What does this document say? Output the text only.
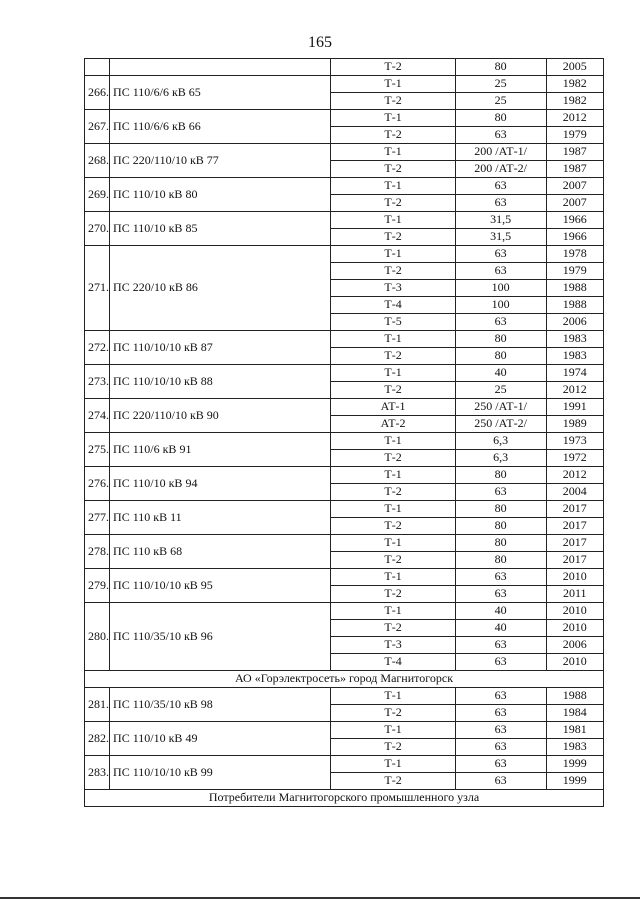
165
		Т-2	80	2005
266.	ПС 110/6/6 кВ 65	Т-1	25	1982
		Т-2	25	1982
267.	ПС 110/6/6 кВ 66	Т-1	80	2012
		Т-2	63	1979
268.	ПС 220/110/10 кВ 77	Т-1	200 /АТ-1/	1987
		Т-2	200 /АТ-2/	1987
269.	ПС 110/10 кВ 80	Т-1	63	2007
		Т-2	63	2007
270.	ПС 110/10 кВ 85	Т-1	31,5	1966
		Т-2	31,5	1966
271.	ПС 220/10 кВ 86	Т-1	63	1978
		Т-2	63	1979
		Т-3	100	1988
		Т-4	100	1988
		Т-5	63	2006
272.	ПС 110/10/10 кВ 87	Т-1	80	1983
		Т-2	80	1983
273.	ПС 110/10/10 кВ 88	Т-1	40	1974
		Т-2	25	2012
274.	ПС 220/110/10 кВ 90	АТ-1	250 /АТ-1/	1991
		АТ-2	250 /АТ-2/	1989
275.	ПС 110/6 кВ 91	Т-1	6,3	1973
		Т-2	6,3	1972
276.	ПС 110/10 кВ 94	Т-1	80	2012
		Т-2	63	2004
277.	ПС 110 кВ 11	Т-1	80	2017
		Т-2	80	2017
278.	ПС 110 кВ 68	Т-1	80	2017
		Т-2	80	2017
279.	ПС 110/10/10 кВ 95	Т-1	63	2010
		Т-2	63	2011
280.	ПС 110/35/10 кВ 96	Т-1	40	2010
		Т-2	40	2010
		Т-3	63	2006
		Т-4	63	2010
АО «Горэлектросеть» город Магнитогорск				
281.	ПС 110/35/10 кВ 98	Т-1	63	1988
		Т-2	63	1984
282.	ПС 110/10 кВ 49	Т-1	63	1981
		Т-2	63	1983
283.	ПС 110/10/10 кВ 99	Т-1	63	1999
		Т-2	63	1999
Потребители Магнитогорского промышленного узла				
